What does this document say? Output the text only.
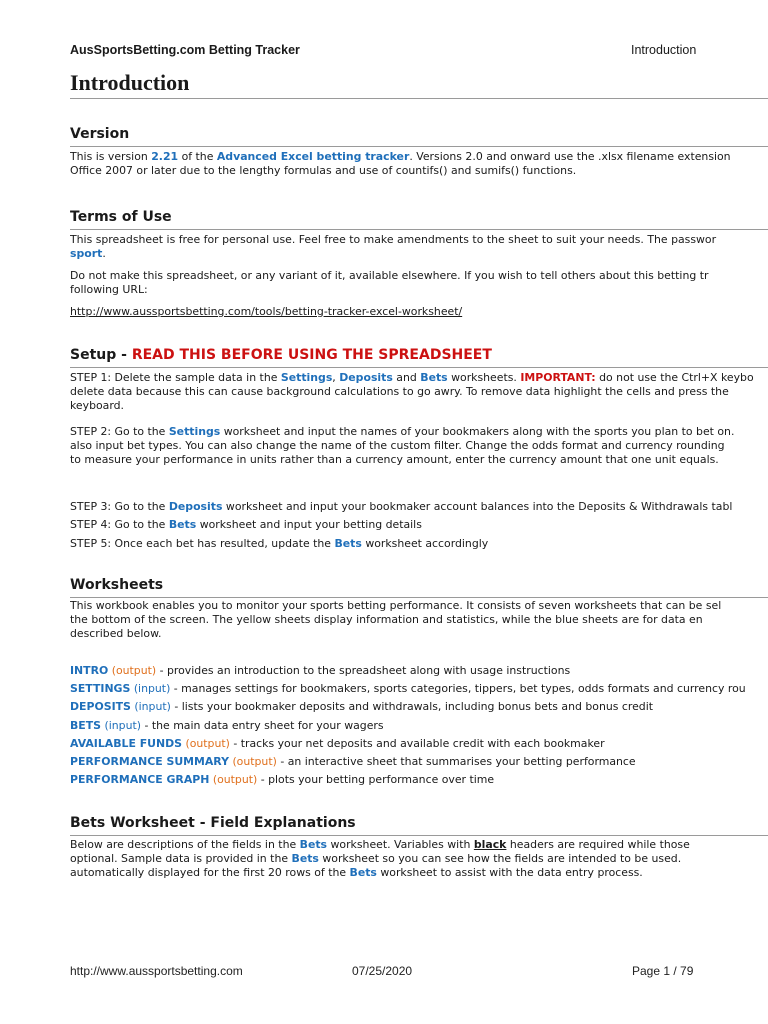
AusSportsBetting.com Betting Tracker	Introduction
Introduction
Version
This is version 2.21 of the Advanced Excel betting tracker. Versions 2.0 and onward use the .xlsx filename extension
Office 2007 or later due to the lengthy formulas and use of countifs() and sumifs() functions.
Terms of Use
This spreadsheet is free for personal use. Feel free to make amendments to the sheet to suit your needs. The passwor
sport.
Do not make this spreadsheet, or any variant of it, available elsewhere. If you wish to tell others about this betting tr
following URL:
http://www.aussportsbetting.com/tools/betting-tracker-excel-worksheet/
Setup - READ THIS BEFORE USING THE SPREADSHEET
STEP 1: Delete the sample data in the Settings, Deposits and Bets worksheets. IMPORTANT: do not use the Ctrl+X keybo
delete data because this can cause background calculations to go awry. To remove data highlight the cells and press the
keyboard.
STEP 2: Go to the Settings worksheet and input the names of your bookmakers along with the sports you plan to bet on.
also input bet types. You can also change the name of the custom filter. Change the odds format and currency rounding
to measure your performance in units rather than a currency amount, enter the currency amount that one unit equals.
STEP 3: Go to the Deposits worksheet and input your bookmaker account balances into the Deposits & Withdrawals tabl
STEP 4: Go to the Bets worksheet and input your betting details
STEP 5: Once each bet has resulted, update the Bets worksheet accordingly
Worksheets
This workbook enables you to monitor your sports betting performance. It consists of seven worksheets that can be sel
the bottom of the screen. The yellow sheets display information and statistics, while the blue sheets are for data en
described below.
INTRO (output) - provides an introduction to the spreadsheet along with usage instructions
SETTINGS (input) - manages settings for bookmakers, sports categories, tippers, bet types, odds formats and currency rou
DEPOSITS (input) - lists your bookmaker deposits and withdrawals, including bonus bets and bonus credit
BETS (input) - the main data entry sheet for your wagers
AVAILABLE FUNDS (output) - tracks your net deposits and available credit with each bookmaker
PERFORMANCE SUMMARY (output) - an interactive sheet that summarises your betting performance
PERFORMANCE GRAPH (output) - plots your betting performance over time
Bets Worksheet - Field Explanations
Below are descriptions of the fields in the Bets worksheet. Variables with black headers are required while those
optional. Sample data is provided in the Bets worksheet so you can see how the fields are intended to be used.
automatically displayed for the first 20 rows of the Bets worksheet to assist with the data entry process.
http://www.aussportsbetting.com	07/25/2020	Page 1 / 79
